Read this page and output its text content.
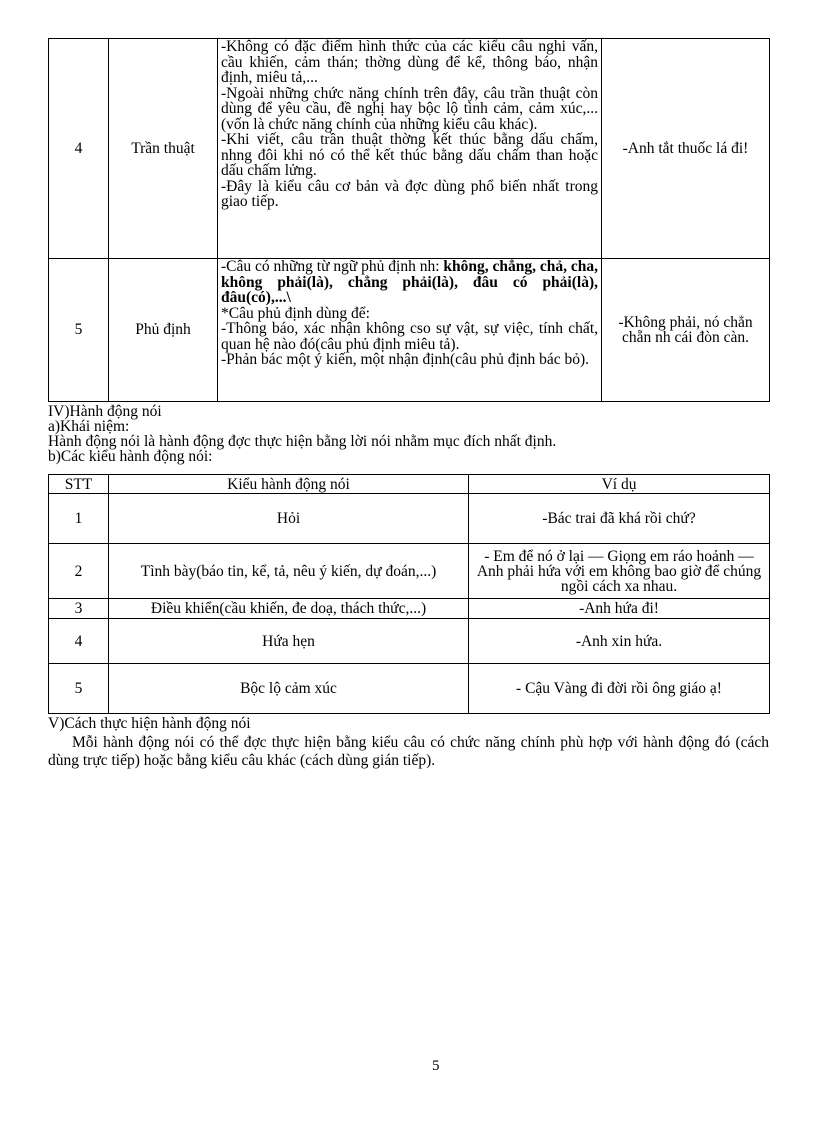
4	Trần thuật	-Không có đặc điểm hình thức của các kiểu câu nghi vấn, cầu khiến, cảm thán; thờng dùng để kể, thông báo, nhận định, miêu tả,...
-Ngoài những chức năng chính trên đây, câu trần thuật còn dùng để yêu cầu, đề nghị hay bộc lộ tình cảm, cảm xúc,... (vốn là chức năng chính của những kiểu câu khác).
-Khi viết, câu trần thuật thờng kết thúc bằng dấu chấm, nhng đôi khi nó có thể kết thúc bằng dấu chấm than hoặc dấu chấm lửng.
-Đây là kiểu câu cơ bản và đợc dùng phổ biến nhất trong giao tiếp.	-Anh tắt thuốc lá đi!
5	Phủ định	-Câu có những từ ngữ phủ định nh: không, chẳng, chả, cha, không phải(là), chẳng phải(là), đâu có phải(là), đâu(có),...\
*Câu phủ định dùng để:
-Thông báo, xác nhận không cso sự vật, sự việc, tính chất, quan hệ nào đó(câu phủ định miêu tả).
-Phản bác một ý kiến, một nhận định(câu phủ định bác bỏ).	-Không phải, nó chẳn chẵn nh cái đòn càn.
IV)Hành động nói
a)Khái niệm:
Hành động nói là hành động đợc thực hiện bằng lời nói nhằm mục đích nhất định.
b)Các kiểu hành động nói:
STT	Kiểu hành động nói	Ví dụ
1	Hỏi	-Bác trai đã khá rồi chứ?
2	Tình bày(báo tin, kể, tả, nêu ý kiến, dự đoán,...)	- Em để nó ở lại — Giọng em ráo hoảnh — Anh phải hứa với em không bao giờ để chúng ngồi cách xa nhau.
3	Điều khiển(cầu khiến, đe doạ, thách thức,...)	-Anh hứa đi!
4	Hứa hẹn	-Anh xin hứa.
5	Bộc lộ cảm xúc	- Cậu Vàng đi đời rồi ông giáo ạ!
V)Cách thực hiện hành động nói
Mỗi hành động nói có thể đợc thực hiện bằng kiểu câu có chức năng chính phù hợp với hành động đó (cách dùng trực tiếp) hoặc bằng kiểu câu khác (cách dùng gián tiếp).
5
